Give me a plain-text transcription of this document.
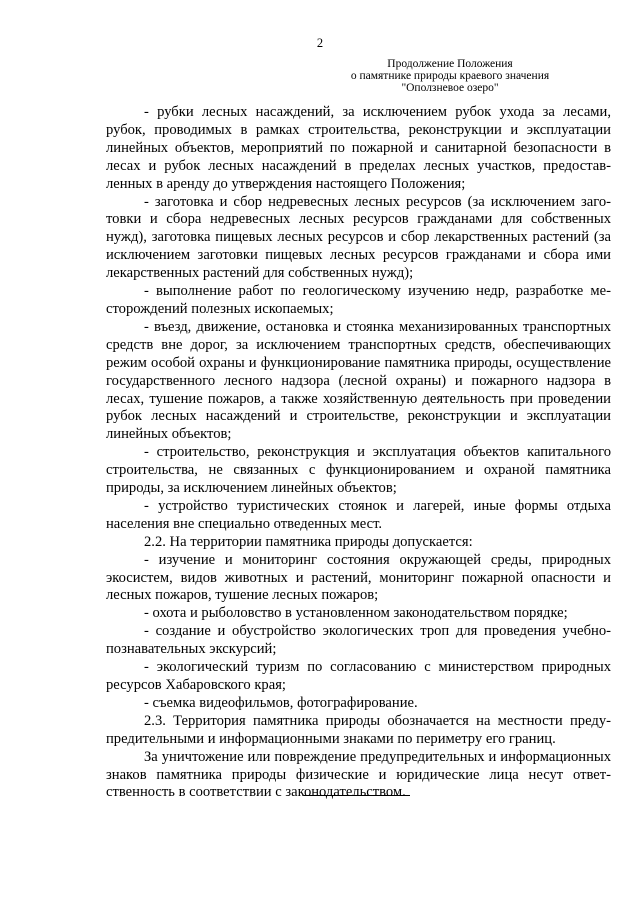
2
Продолжение Положения
о памятнике природы краевого значения
"Оползневое озеро"

- рубки лесных насаждений, за исключением рубок ухода за лесами, рубок, проводимых в рамках строительства, реконструкции и эксплуатации линейных объектов, мероприятий по пожарной и санитарной безопасности в лесах и рубок лесных насаждений в пределах лесных участков, предоставленных в аренду до утверждения настоящего Положения;

- заготовка и сбор недревесных лесных ресурсов (за исключением заготовки и сбора недревесных лесных ресурсов гражданами для собственных нужд), заготовка пищевых лесных ресурсов и сбор лекарственных растений (за исключением заготовки пищевых лесных ресурсов гражданами и сбора ими лекарственных растений для собственных нужд);

- выполнение работ по геологическому изучению недр, разработке месторождений полезных ископаемых;

- въезд, движение, остановка и стоянка механизированных транспортных средств вне дорог, за исключением транспортных средств, обеспечивающих режим особой охраны и функционирование памятника природы, осуществление государственного лесного надзора (лесной охраны) и пожарного надзора в лесах, тушение пожаров, а также хозяйственную деятельность при проведении рубок лесных насаждений и строительстве, реконструкции и эксплуатации линейных объектов;

- строительство, реконструкция и эксплуатация объектов капитального строительства, не связанных с функционированием и охраной памятника природы, за исключением линейных объектов;

- устройство туристических стоянок и лагерей, иные формы отдыха населения вне специально отведенных мест.

2.2. На территории памятника природы допускается:

- изучение и мониторинг состояния окружающей среды, природных экосистем, видов животных и растений, мониторинг пожарной опасности и лесных пожаров, тушение лесных пожаров;

- охота и рыболовство в установленном законодательством порядке;

- создание и обустройство экологических троп для проведения учебно-познавательных экскурсий;

- экологический туризм по согласованию с министерством природных ресурсов Хабаровского края;

- съемка видеофильмов, фотографирование.

2.3. Территория памятника природы обозначается на местности предупредительными и информационными знаками по периметру его границ.

За уничтожение или повреждение предупредительных и информационных знаков памятника природы физические и юридические лица несут ответственность в соответствии с законодательством.
